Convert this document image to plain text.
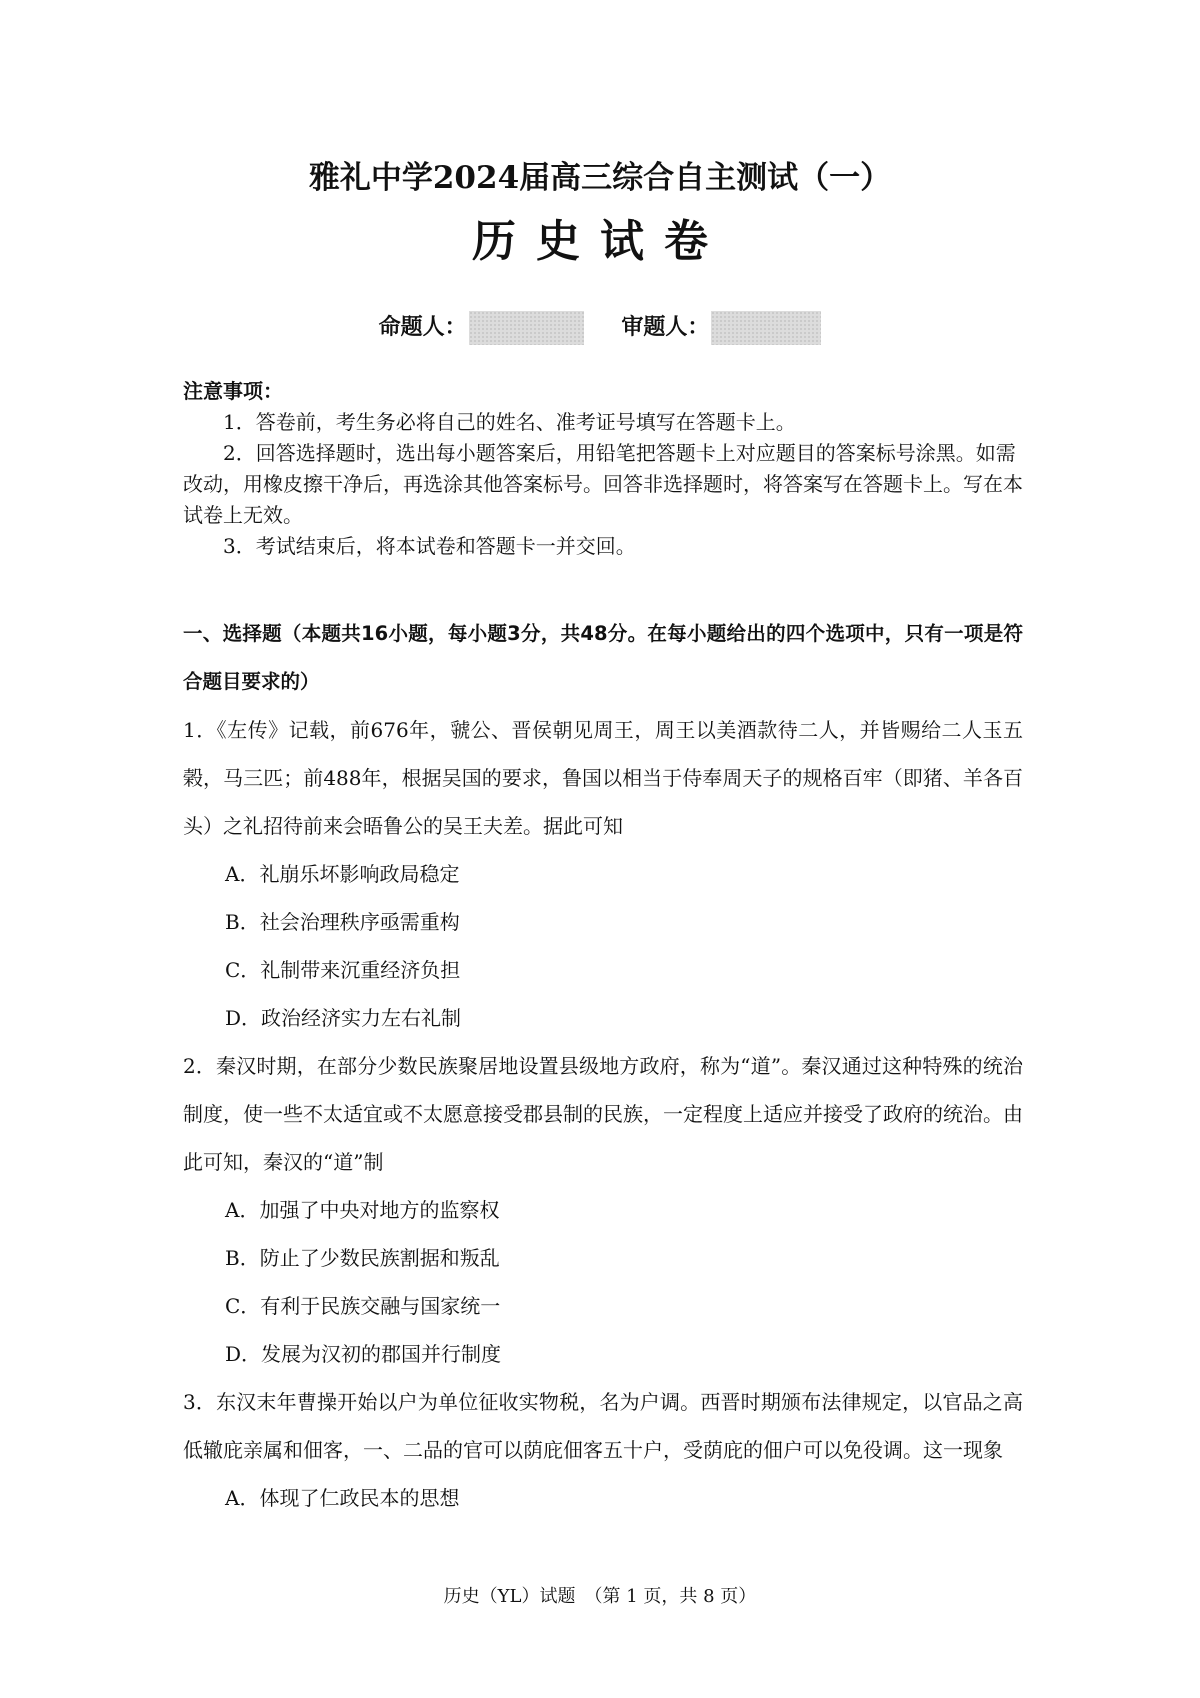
雅礼中学2024届高三综合自主测试（一）
历史试卷
命题人：	审题人：

注意事项：

1．答卷前，考生务必将自己的姓名、准考证号填写在答题卡上。

2．回答选择题时，选出每小题答案后，用铅笔把答题卡上对应题目的答案标号涂黑。如需改动，用橡皮擦干净后，再选涂其他答案标号。回答非选择题时，将答案写在答题卡上。写在本试卷上无效。

3．考试结束后，将本试卷和答题卡一并交回。

一、选择题（本题共16小题，每小题3分，共48分。在每小题给出的四个选项中，只有一项是符合题目要求的）

1．《左传》记载，前676年，虢公、晋侯朝见周王，周王以美酒款待二人，并皆赐给二人玉五榖，马三匹；前488年，根据吴国的要求，鲁国以相当于侍奉周天子的规格百牢（即猪、羊各百头）之礼招待前来会晤鲁公的吴王夫差。据此可知

A．礼崩乐坏影响政局稳定

B．社会治理秩序亟需重构

C．礼制带来沉重经济负担

D．政治经济实力左右礼制

2．秦汉时期，在部分少数民族聚居地设置县级地方政府，称为“道”。秦汉通过这种特殊的统治制度，使一些不太适宜或不太愿意接受郡县制的民族，一定程度上适应并接受了政府的统治。由此可知，秦汉的“道”制

A．加强了中央对地方的监察权

B．防止了少数民族割据和叛乱

C．有利于民族交融与国家统一

D．发展为汉初的郡国并行制度

3．东汉末年曹操开始以户为单位征收实物税，名为户调。西晋时期颁布法律规定，以官品之高低辙庇亲属和佃客，一、二品的官可以荫庇佃客五十户，受荫庇的佃户可以免役调。这一现象

A．体现了仁政民本的思想

历史（YL）试题　（第 1 页，共 8 页）
